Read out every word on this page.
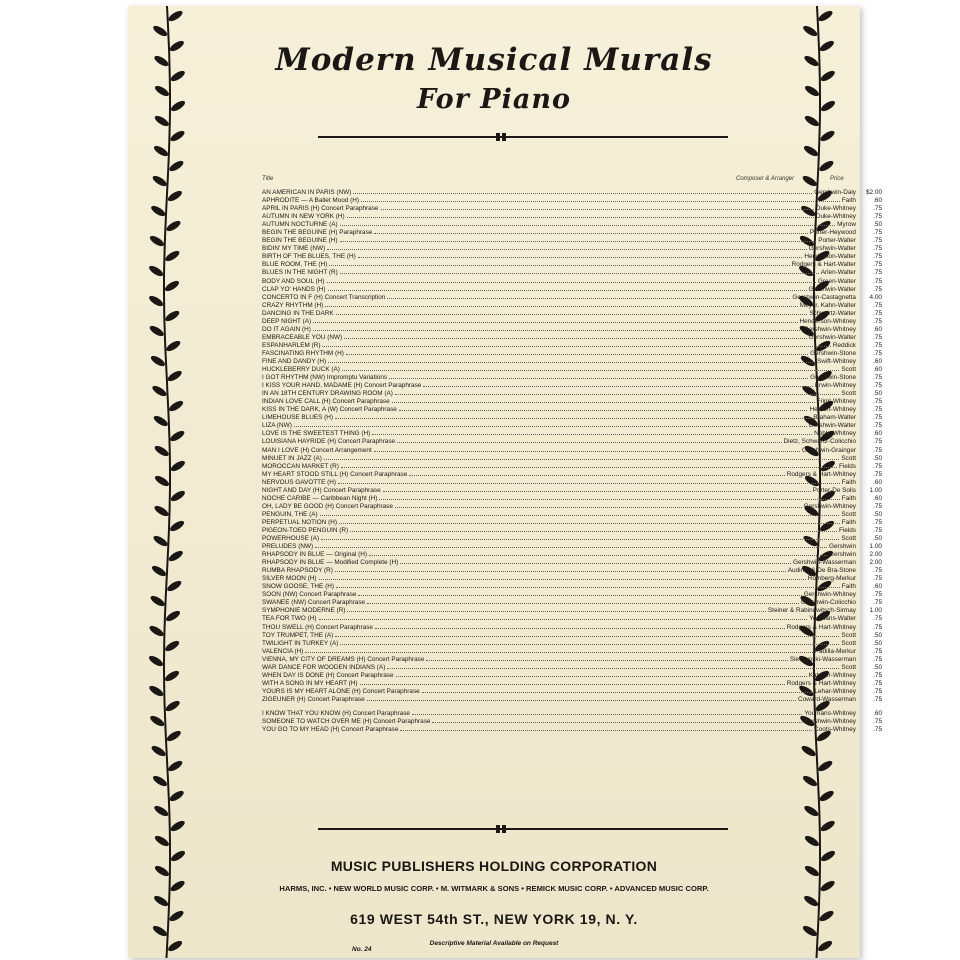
Modern Musical Murals
For Piano
Title	Composer & Arranger	Price
AN AMERICAN IN PARIS (NW)	Gershwin-Daly	$2.00
APHRODITE — A Ballet Mood (H)	Faith	.60
APRIL IN PARIS (H) Concert Paraphrase	Duke-Whitney	.75
AUTUMN IN NEW YORK (H)	Duke-Whitney	.75
AUTUMN NOCTURNE (A)	Myrow	.50
BEGIN THE BEGUINE (H) Paraphrase	Porter-Heywood	.75
BEGIN THE BEGUINE (H)	Porter-Walter	.75
BIDIN' MY TIME (NW)	Gershwin-Walter	.75
BIRTH OF THE BLUES, THE (H)	Henderson-Walter	.75
BLUE ROOM, THE (H)	Rodgers & Hart-Walter	.75
BLUES IN THE NIGHT (R)	Arlen-Walter	.75
BODY AND SOUL (H)	Green-Walter	.75
CLAP YO' HANDS (H)	Gershwin-Walter	.75
CONCERTO IN F (H) Concert Transcription	Gershwin-Castagnetta	4.00
CRAZY RHYTHM (H)	Meyer, Kahn-Walter	.75
DANCING IN THE DARK	Schwartz-Walter	.75
DEEP NIGHT (A)	Henderson-Whitney	.75
DO IT AGAIN (H)	Gershwin-Whitney	.60
EMBRACEABLE YOU (NW)	Gershwin-Walter	.75
ESPANHARLEM (R)	Reddick	.75
FASCINATING RHYTHM (H)	Gershwin-Stone	.75
FINE AND DANDY (H)	Swift-Whitney	.60
HUCKLEBERRY DUCK (A)	Scott	.60
I GOT RHYTHM (NW) Impromptu Variations	Gershwin-Stone	.75
I KISS YOUR HAND, MADAME (H) Concert Paraphrase	Erwin-Whitney	.75
IN AN 18TH CENTURY DRAWING ROOM (A)	Scott	.50
INDIAN LOVE CALL (H) Concert Paraphrase	Friml-Whitney	.75
KISS IN THE DARK, A (W) Concert Paraphrase	Herbert-Whitney	.75
LIMEHOUSE BLUES (H)	Braham-Walter	.75
LIZA (NW)	Gershwin-Walter	.75
LOVE IS THE SWEETEST THING (H)	Noble-Whitney	.60
LOUISIANA HAYRIDE (H) Concert Paraphrase	Dietz, Schwartz-Colicchio	.75
MAN I LOVE (H) Concert Arrangement	Gershwin-Grainger	.75
MINUET IN JAZZ (A)	Scott	.50
MOROCCAN MARKET (R)	Fields	.75
MY HEART STOOD STILL (H) Concert Paraphrase	Rodgers & Hart-Whitney	.75
NERVOUS GAVOTTE (H)	Faith	.60
NIGHT AND DAY (H) Concert Paraphrase	Porter-De Solis	1.00
NOCHE CARIBE — Caribbean Night (H)	Faith	.60
OH, LADY BE GOOD (H) Concert Paraphrase	Gershwin-Whitney	.75
PENGUIN, THE (A)	Scott	.50
PERPETUAL NOTION (H)	Faith	.75
PIGEON-TOED PENGUIN (R)	Fields	.75
POWERHOUSE (A)	Scott	.50
PRELUDES (NW)	Gershwin	1.00
RHAPSODY IN BLUE — Original (H)	Gershwin	2.00
RHAPSODY IN BLUE — Modified Complete (H)	Gershwin-Wasserman	2.00
RUMBA RHAPSODY (R)	Audinot & De Bra-Stone	.75
SILVER MOON (H)	Romberg-Merkur	.75
SNOW GOOSE, THE (H)	Faith	.60
SOON (NW) Concert Paraphrase	Gershwin-Whitney	.75
SWANEE (NW) Concert Paraphrase	Gershwin-Colicchio	.75
SYMPHONIE MODERNE (R)	Steiner & Rabinowitsch-Sirmay	1.00
TEA FOR TWO (H)	Youmans-Walter	.75
THOU SWELL (H) Concert Paraphrase	Rodgers & Hart-Whitney	.75
TOY TRUMPET, THE (A)	Scott	.50
TWILIGHT IN TURKEY (A)	Scott	.50
VALENCIA (H)	Padilla-Merkur	.75
VIENNA, MY CITY OF DREAMS (H) Concert Paraphrase	Sieczynski-Wasserman	.75
WAR DANCE FOR WOODEN INDIANS (A)	Scott	.50
WHEN DAY IS DONE (H) Concert Paraphrase	Katcher-Whitney	.75
WITH A SONG IN MY HEART (H)	Rodgers & Hart-Whitney	.75
YOURS IS MY HEART ALONE (H) Concert Paraphrase	Lehar-Whitney	.75
ZIGEUNER (H) Concert Paraphrase	Coward-Wasserman	.75
I KNOW THAT YOU KNOW (H) Concert Paraphrase	Youmans-Whitney	.60
SOMEONE TO WATCH OVER ME (H) Concert Paraphrase	Gershwin-Whitney	.75
YOU GO TO MY HEAD (H) Concert Paraphrase	Coots-Whitney	.75
MUSIC PUBLISHERS HOLDING CORPORATION
HARMS, INC. • NEW WORLD MUSIC CORP. • M. WITMARK & SONS • REMICK MUSIC CORP. • ADVANCED MUSIC CORP.
619 WEST 54th ST., NEW YORK 19, N. Y.
Descriptive Material Available on Request
No. 24
